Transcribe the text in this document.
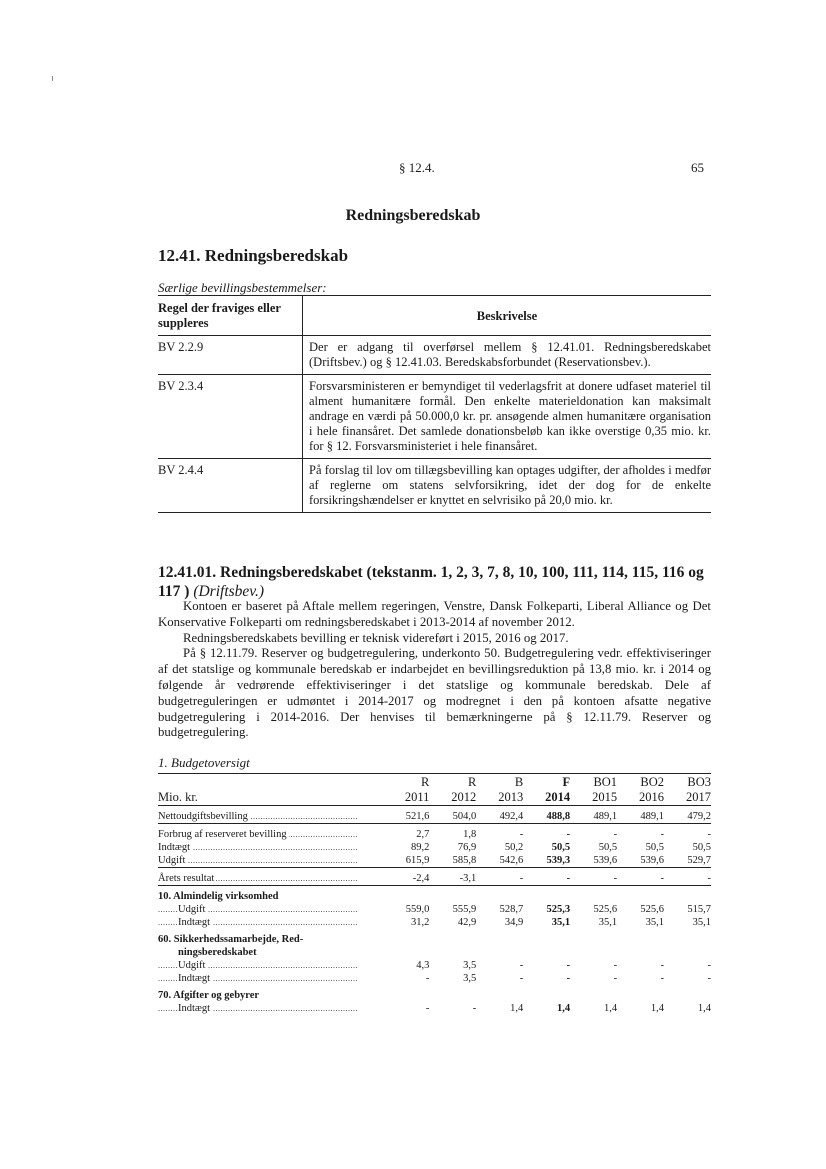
§ 12.4.	65
Redningsberedskab
12.41. Redningsberedskab
Særlige bevillingsbestemmelser:
Regel der fraviges eller suppleres	Beskrivelse
BV 2.2.9	Der er adgang til overførsel mellem § 12.41.01. Redningsberedskabet (Driftsbev.) og § 12.41.03. Beredskabsforbundet (Reservationsbev.).
BV 2.3.4	Forsvarsministeren er bemyndiget til vederlagsfrit at donere udfaset materiel til alment humanitære formål. Den enkelte materieldonation kan maksimalt andrage en værdi på 50.000,0 kr. pr. ansøgende almen humanitære organisation i hele finansåret. Det samlede donationsbeløb kan ikke overstige 0,35 mio. kr. for § 12. Forsvarsministeriet i hele finansåret.
BV 2.4.4	På forslag til lov om tillægsbevilling kan optages udgifter, der afholdes i medfør af reglerne om statens selvforsikring, idet der dog for de enkelte forsikringshændelser er knyttet en selvrisiko på 20,0 mio. kr.
12.41.01. Redningsberedskabet (tekstanm. 1, 2, 3, 7, 8, 10, 100, 111, 114, 115, 116 og 117 ) (Driftsbev.)

Kontoen er baseret på Aftale mellem regeringen, Venstre, Dansk Folkeparti, Liberal Alliance og Det Konservative Folkeparti om redningsberedskabet i 2013-2014 af november 2012.

Redningsberedskabets bevilling er teknisk videreført i 2015, 2016 og 2017.

På § 12.11.79. Reserver og budgetregulering, underkonto 50. Budgetregulering vedr. effektiviseringer af det statslige og kommunale beredskab er indarbejdet en bevillingsreduktion på 13,8 mio. kr. i 2014 og følgende år vedrørende effektiviseringer i det statslige og kommunale beredskab. Dele af budgetreguleringen er udmøntet i 2014-2017 og modregnet i den på kontoen afsatte negative budgetregulering i 2014-2016. Der henvises til bemærkningerne på § 12.11.79. Reserver og budgetregulering.

1. Budgetoversigt
	R	R	B	F	BO1	BO2	BO3
Mio. kr.	2011	2012	2013	2014	2015	2016	2017

Nettoudgiftsbevilling .....	521,6	504,0	492,4	488,8	489,1	489,1	479,2

Forbrug af reserveret bevilling .....	2,7	1,8	-	-	-	-	-
Indtægt .....	89,2	76,9	50,2	50,5	50,5	50,5	50,5
Udgift .....	615,9	585,8	542,6	539,3	539,6	539,6	529,7

Årets resultat .....	-2,4	-3,1	-	-	-	-	-

10. Almindelig virksomhed							
Udgift .....	559,0	555,9	528,7	525,3	525,6	525,6	515,7
Indtægt .....	31,2	42,9	34,9	35,1	35,1	35,1	35,1

60. Sikkerhedssamarbejde, Red-							
ningsberedskabet							
Udgift .....	4,3	3,5	-	-	-	-	-
Indtægt .....	-	3,5	-	-	-	-	-

70. Afgifter og gebyrer							
Indtægt .....	-	-	1,4	1,4	1,4	1,4	1,4
